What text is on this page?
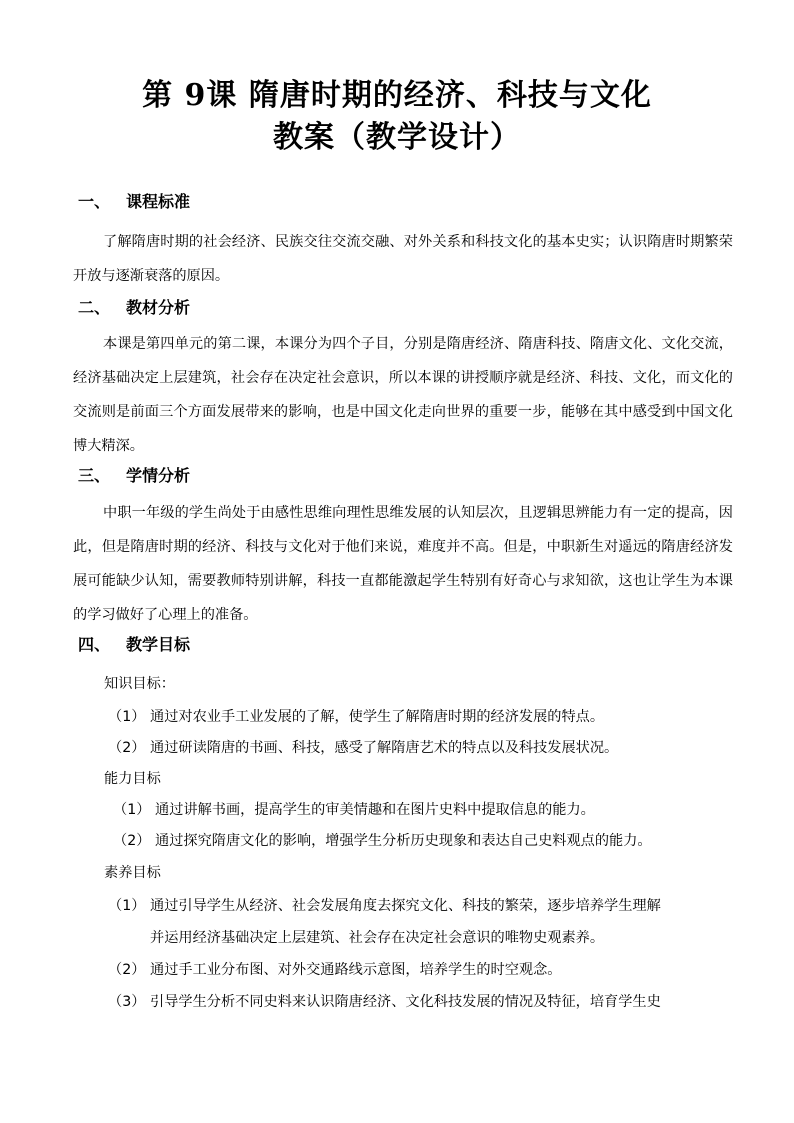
第 9课 隋唐时期的经济、科技与文化
教案（教学设计）
一、 课程标准
了解隋唐时期的社会经济、民族交往交流交融、对外关系和科技文化的基本史实；认识隋唐时期繁荣开放与逐渐衰落的原因。
二、 教材分析
本课是第四单元的第二课，本课分为四个子目，分别是隋唐经济、隋唐科技、隋唐文化、文化交流，经济基础决定上层建筑，社会存在决定社会意识，所以本课的讲授顺序就是经济、科技、文化，而文化的交流则是前面三个方面发展带来的影响，也是中国文化走向世界的重要一步，能够在其中感受到中国文化博大精深。
三、 学情分析
中职一年级的学生尚处于由感性思维向理性思维发展的认知层次，且逻辑思辨能力有一定的提高，因此，但是隋唐时期的经济、科技与文化对于他们来说，难度并不高。但是，中职新生对遥远的隋唐经济发展可能缺少认知，需要教师特别讲解，科技一直都能激起学生特别有好奇心与求知欲，这也让学生为本课的学习做好了心理上的准备。
四、 教学目标
知识目标：
（1） 通过对农业手工业发展的了解，使学生了解隋唐时期的经济发展的特点。
（2） 通过研读隋唐的书画、科技，感受了解隋唐艺术的特点以及科技发展状况。
能力目标
（1） 通过讲解书画，提高学生的审美情趣和在图片史料中提取信息的能力。
（2） 通过探究隋唐文化的影响，增强学生分析历史现象和表达自己史料观点的能力。
素养目标
（1） 通过引导学生从经济、社会发展角度去探究文化、科技的繁荣，逐步培养学生理解
并运用经济基础决定上层建筑、社会存在决定社会意识的唯物史观素养。
（2） 通过手工业分布图、对外交通路线示意图，培养学生的时空观念。
（3） 引导学生分析不同史料来认识隋唐经济、文化科技发展的情况及特征，培育学生史
